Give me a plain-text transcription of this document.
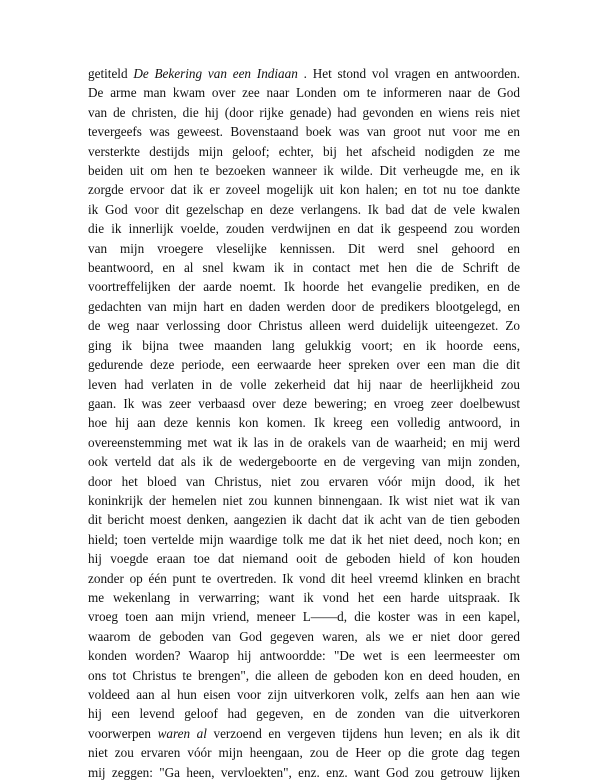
getiteld De Bekering van een Indiaan . Het stond vol vragen en antwoorden.
De arme man kwam over zee naar Londen om te informeren naar de God
van de christen, die hij (door rijke genade) had gevonden en wiens reis niet
tevergeefs was geweest. Bovenstaand boek was van groot nut voor me en
versterkte destijds mijn geloof; echter, bij het afscheid nodigden ze me
beiden uit om hen te bezoeken wanneer ik wilde. Dit verheugde me, en ik
zorgde ervoor dat ik er zoveel mogelijk uit kon halen; en tot nu toe dankte
ik God voor dit gezelschap en deze verlangens. Ik bad dat de vele kwalen
die ik innerlijk voelde, zouden verdwijnen en dat ik gespeend zou worden
van mijn vroegere vleselijke kennissen. Dit werd snel gehoord en
beantwoord, en al snel kwam ik in contact met hen die de Schrift de
voortreffelijken der aarde noemt. Ik hoorde het evangelie prediken, en de
gedachten van mijn hart en daden werden door de predikers blootgelegd, en
de weg naar verlossing door Christus alleen werd duidelijk uiteengezet. Zo
ging ik bijna twee maanden lang gelukkig voort; en ik hoorde eens,
gedurende deze periode, een eerwaarde heer spreken over een man die dit
leven had verlaten in de volle zekerheid dat hij naar de heerlijkheid zou
gaan. Ik was zeer verbaasd over deze bewering; en vroeg zeer doelbewust
hoe hij aan deze kennis kon komen. Ik kreeg een volledig antwoord, in
overeenstemming met wat ik las in de orakels van de waarheid; en mij werd
ook verteld dat als ik de wedergeboorte en de vergeving van mijn zonden,
door het bloed van Christus, niet zou ervaren vóór mijn dood, ik het
koninkrijk der hemelen niet zou kunnen binnengaan. Ik wist niet wat ik van
dit bericht moest denken, aangezien ik dacht dat ik acht van de tien geboden
hield; toen vertelde mijn waardige tolk me dat ik het niet deed, noch kon; en
hij voegde eraan toe dat niemand ooit de geboden hield of kon houden
zonder op één punt te overtreden. Ik vond dit heel vreemd klinken en bracht
me wekenlang in verwarring; want ik vond het een harde uitspraak. Ik
vroeg toen aan mijn vriend, meneer L——d, die koster was in een kapel,
waarom de geboden van God gegeven waren, als we er niet door gered
konden worden? Waarop hij antwoordde: "De wet is een leermeester om
ons tot Christus te brengen", die alleen de geboden kon en deed houden, en
voldeed aan al hun eisen voor zijn uitverkoren volk, zelfs aan hen aan wie
hij een levend geloof had gegeven, en de zonden van die uitverkoren
voorwerpen waren al verzoend en vergeven tijdens hun leven; en als ik dit
niet zou ervaren vóór mijn heengaan, zou de Heer op die grote dag tegen
mij zeggen: "Ga heen, vervloekten", enz. enz. want God zou getrouw lijken
